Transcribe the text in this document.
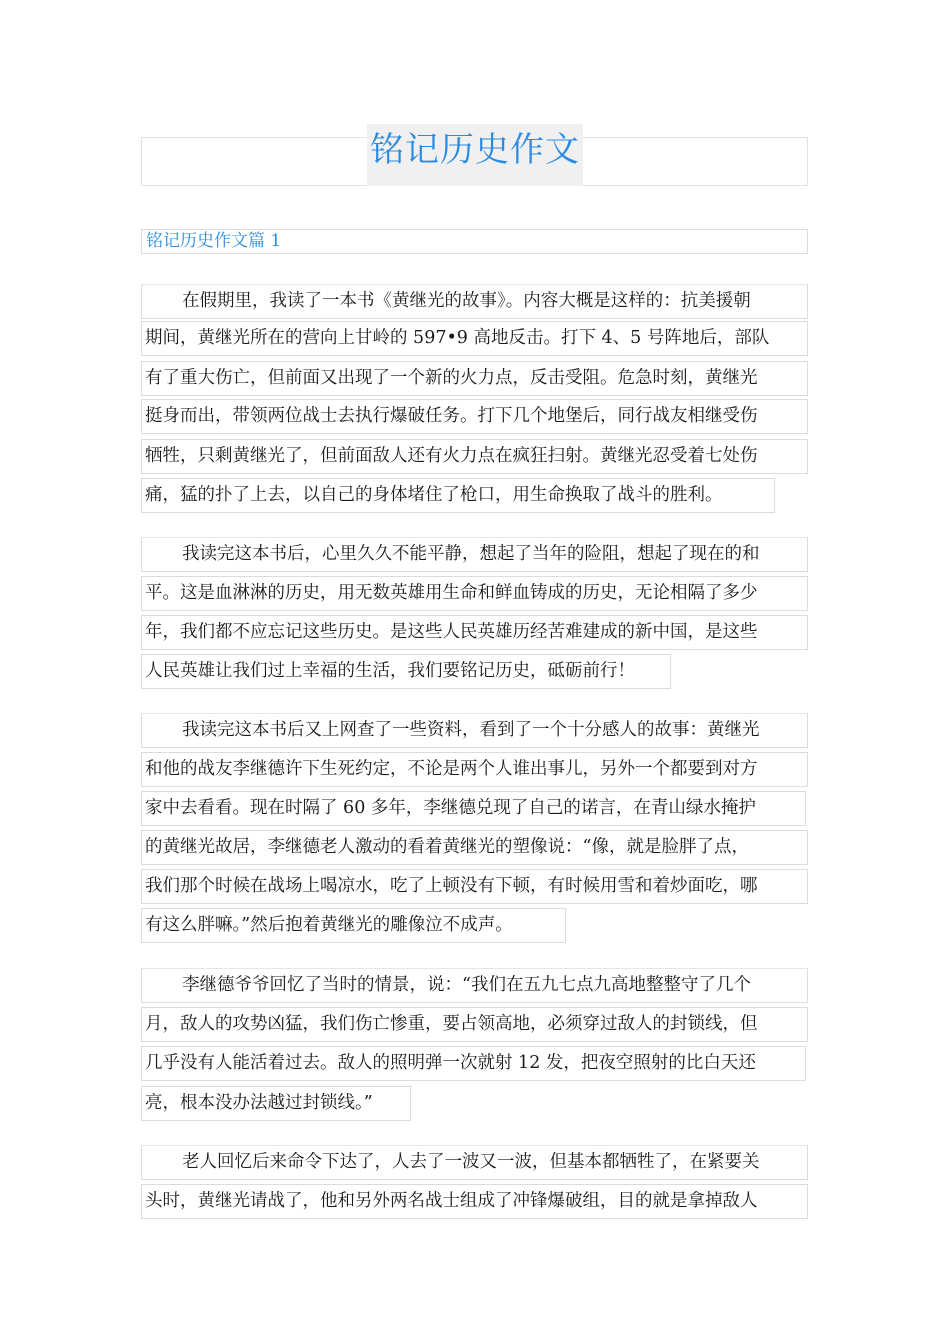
铭记历史作文
铭记历史作文篇 1
在假期里，我读了一本书《黄继光的故事》。内容大概是这样的：抗美援朝
期间，黄继光所在的营向上甘岭的 597•9 高地反击。打下 4、5 号阵地后，部队
有了重大伤亡，但前面又出现了一个新的火力点，反击受阻。危急时刻，黄继光
挺身而出，带领两位战士去执行爆破任务。打下几个地堡后，同行战友相继受伤
牺牲，只剩黄继光了，但前面敌人还有火力点在疯狂扫射。黄继光忍受着七处伤
痛，猛的扑了上去，以自己的身体堵住了枪口，用生命换取了战斗的胜利。
我读完这本书后，心里久久不能平静，想起了当年的险阻，想起了现在的和
平。这是血淋淋的历史，用无数英雄用生命和鲜血铸成的历史，无论相隔了多少
年，我们都不应忘记这些历史。是这些人民英雄历经苦难建成的新中国，是这些
人民英雄让我们过上幸福的生活，我们要铭记历史，砥砺前行！
我读完这本书后又上网查了一些资料，看到了一个十分感人的故事：黄继光
和他的战友李继德许下生死约定，不论是两个人谁出事儿，另外一个都要到对方
家中去看看。现在时隔了 60 多年，李继德兑现了自己的诺言，在青山绿水掩护
的黄继光故居，李继德老人激动的看着黄继光的塑像说：“像，就是脸胖了点，
我们那个时候在战场上喝凉水，吃了上顿没有下顿，有时候用雪和着炒面吃，哪
有这么胖嘛。”然后抱着黄继光的雕像泣不成声。
李继德爷爷回忆了当时的情景，说：“我们在五九七点九高地整整守了几个
月，敌人的攻势凶猛，我们伤亡惨重，要占领高地，必须穿过敌人的封锁线，但
几乎没有人能活着过去。敌人的照明弹一次就射 12 发，把夜空照射的比白天还
亮，根本没办法越过封锁线。”
老人回忆后来命令下达了，人去了一波又一波，但基本都牺牲了，在紧要关
头时，黄继光请战了，他和另外两名战士组成了冲锋爆破组，目的就是拿掉敌人
